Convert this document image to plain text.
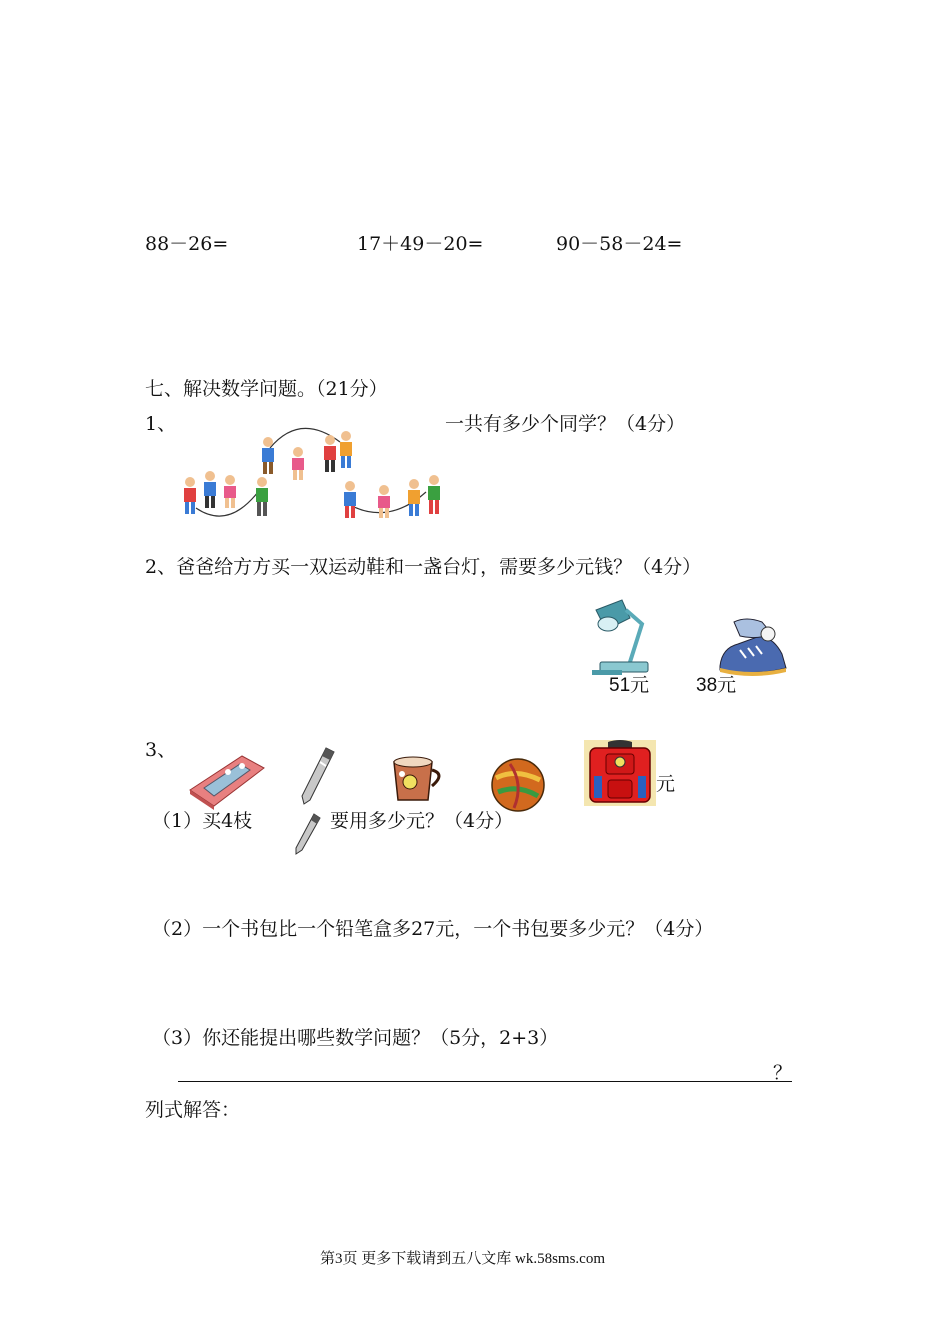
88－26=	17＋49－20=	90－58－24=
七、解决数学问题。（21分）
1、	一共有多少个同学？（4分）
2、爸爸给方方买一双运动鞋和一盏台灯，需要多少元钱？（4分）
51元 38元
3、
元
（1）买4枝	要用多少元？（4分）
（2）一个书包比一个铅笔盒多27元，一个书包要多少元？（4分）
（3）你还能提出哪些数学问题？（5分，2+3）
？
列式解答：
第3页 更多下载请到五八文库 wk.58sms.com
